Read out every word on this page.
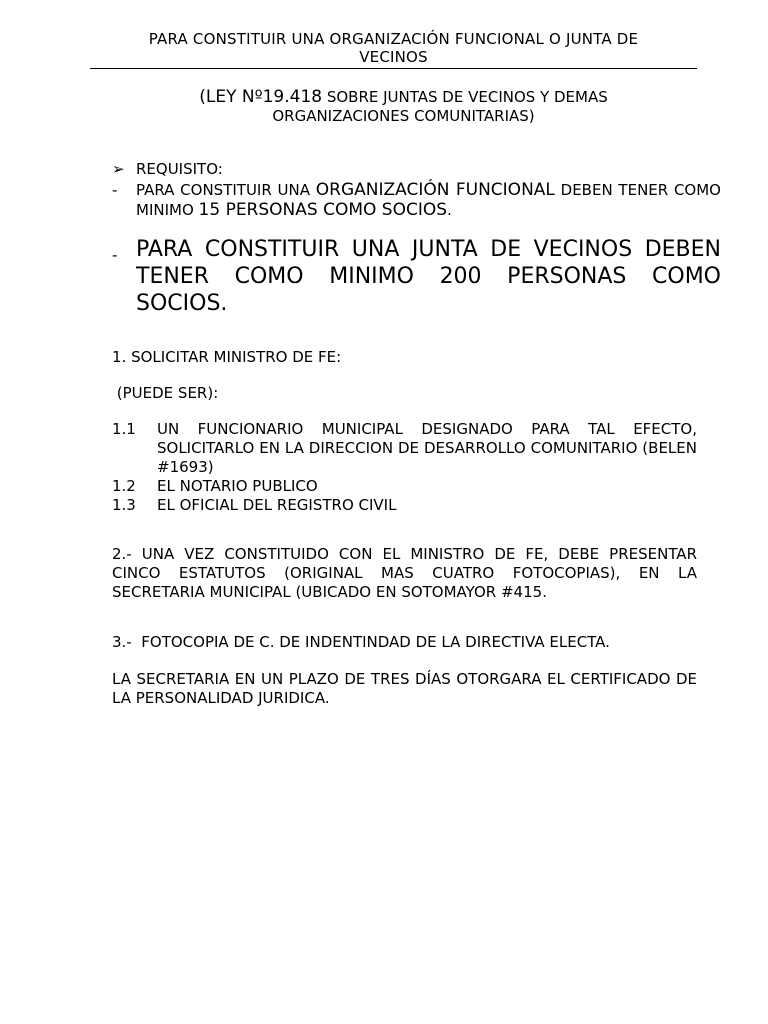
PARA CONSTITUIR UNA ORGANIZACIÓN FUNCIONAL O JUNTA DE
VECINOS
(LEY Nº19.418 SOBRE JUNTAS DE VECINOS Y DEMAS
ORGANIZACIONES COMUNITARIAS)
➢ REQUISITO:
- PARA CONSTITUIR UNA ORGANIZACIÓN FUNCIONAL DEBEN TENER COMO MINIMO 15 PERSONAS COMO SOCIOS.
- PARA CONSTITUIR UNA JUNTA DE VECINOS DEBEN TENER COMO MINIMO 200 PERSONAS COMO SOCIOS.
1. SOLICITAR MINISTRO DE FE:
(PUEDE SER):
1.1 UN FUNCIONARIO MUNICIPAL DESIGNADO PARA TAL EFECTO, SOLICITARLO EN LA DIRECCION DE DESARROLLO COMUNITARIO (BELEN #1693)
1.2 EL NOTARIO PUBLICO
1.3 EL OFICIAL DEL REGISTRO CIVIL
2.- UNA VEZ CONSTITUIDO CON EL MINISTRO DE FE, DEBE PRESENTAR CINCO ESTATUTOS (ORIGINAL MAS CUATRO FOTOCOPIAS), EN LA SECRETARIA MUNICIPAL (UBICADO EN SOTOMAYOR #415.
3.-  FOTOCOPIA DE C. DE INDENTINDAD DE LA DIRECTIVA ELECTA.
LA SECRETARIA EN UN PLAZO DE TRES DÍAS OTORGARA EL CERTIFICADO DE LA PERSONALIDAD JURIDICA.
